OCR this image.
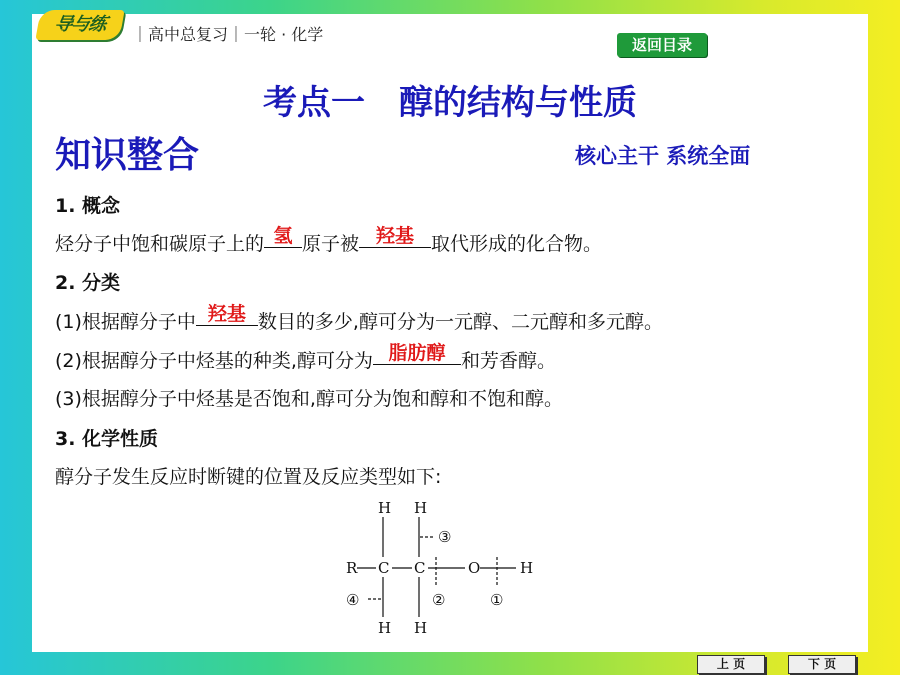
导与练	｜高中总复习｜一轮 · 化学
返回目录
考点一　醇的结构与性质
知识整合	核心主干 系统全面
1. 概念
烃分子中饱和碳原子上的 氢 原子被 羟基 取代形成的化合物。
2. 分类
(1)根据醇分子中 羟基 数目的多少,醇可分为一元醇、二元醇和多元醇。
(2)根据醇分子中烃基的种类,醇可分为 脂肪醇 和芳香醇。
(3)根据醇分子中烃基是否饱和,醇可分为饱和醇和不饱和醇。
3. 化学性质
醇分子发生反应时断键的位置及反应类型如下:
H H
R C C	O	H
H H
③
②	①
④
上 页	下 页
